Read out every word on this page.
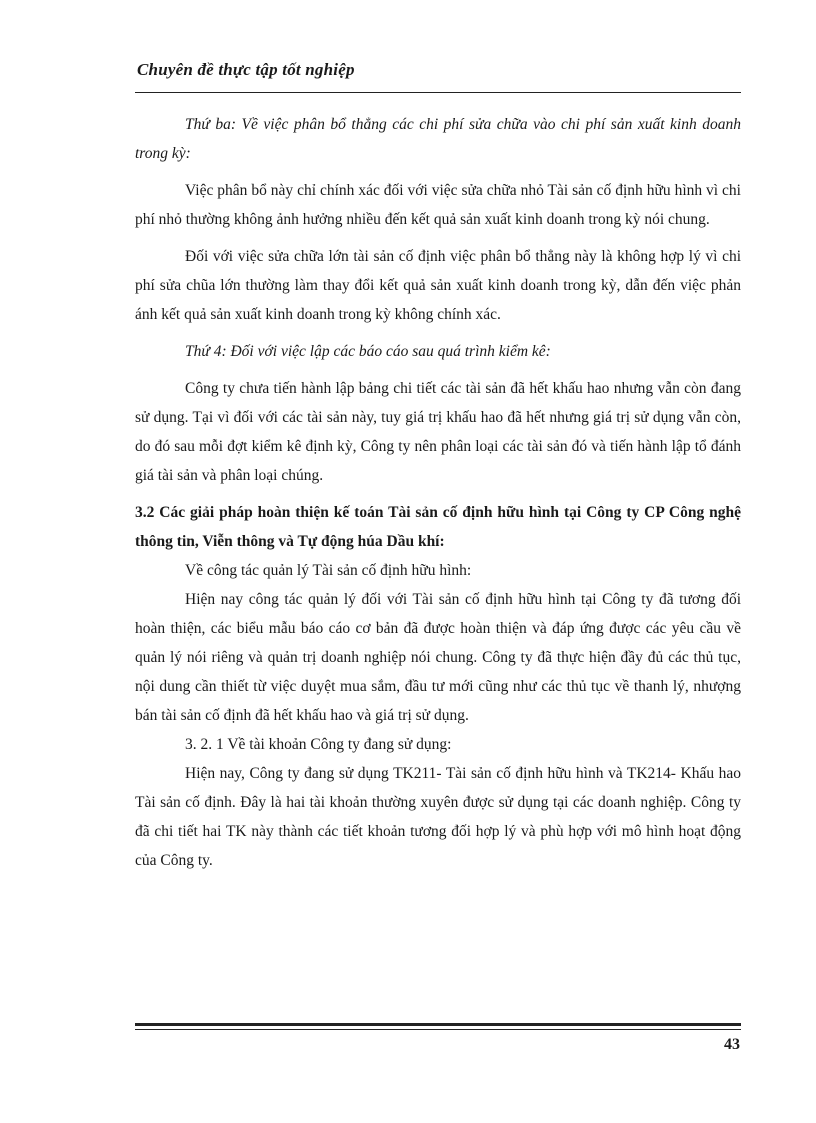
Chuyên đề thực tập tốt nghiệp

Thứ ba: Về việc phân bổ thẳng các chi phí sửa chữa vào chi phí sản xuất kinh doanh trong kỳ:

Việc phân bổ này chỉ chính xác đối với việc sửa chữa nhỏ Tài sản cố định hữu hình vì chi phí nhỏ thường không ảnh hưởng nhiều đến kết quả sản xuất kinh doanh trong kỳ nói chung.

Đối với việc sửa chữa lớn tài sản cố định việc phân bổ thẳng này là không hợp lý vì chi phí sửa chũa lớn thường làm thay đổi kết quả sản xuất kinh doanh trong kỳ, dẫn đến việc phản ánh kết quả sản xuất kinh doanh trong kỳ không chính xác.

Thứ 4: Đối với việc lập các báo cáo sau quá trình kiểm kê:

Công ty chưa tiến hành lập bảng chi tiết các tài sản đã hết khấu hao nhưng vẫn còn đang sử dụng. Tại vì đối với các tài sản này, tuy giá trị khấu hao đã hết nhưng giá trị sử dụng vẫn còn, do đó sau mỗi đợt kiểm kê định kỳ, Công ty nên phân loại các tài sản đó và tiến hành lập tổ đánh giá tài sản và phân loại chúng.

3.2 Các giải pháp hoàn thiện kế toán Tài sản cố định hữu hình tại Công ty CP Công nghệ thông tin, Viễn thông và Tự động húa Dầu khí:

Về công tác quản lý Tài sản cố định hữu hình:

Hiện nay công tác quản lý đối với Tài sản cố định hữu hình tại Công ty đã tương đối hoàn thiện, các biểu mẫu báo cáo cơ bản đã được hoàn thiện và đáp ứng được các yêu cầu về quản lý nói riêng và quản trị doanh nghiệp nói chung. Công ty đã thực hiện đầy đủ các thủ tục, nội dung cần thiết từ việc duyệt mua sắm, đầu tư mới cũng như các thủ tục về thanh lý, nhượng bán tài sản cố định đã hết khấu hao và giá trị sử dụng.

3. 2. 1 Về tài khoản Công ty đang sử dụng:

Hiện nay, Công ty đang sử dụng TK211- Tài sản cố định hữu hình và TK214- Khấu hao Tài sản cố định. Đây là hai tài khoản thường xuyên được sử dụng tại các doanh nghiệp. Công ty đã chi tiết hai TK này thành các tiết khoản tương đối hợp lý và phù hợp với mô hình hoạt động của Công ty.

43
